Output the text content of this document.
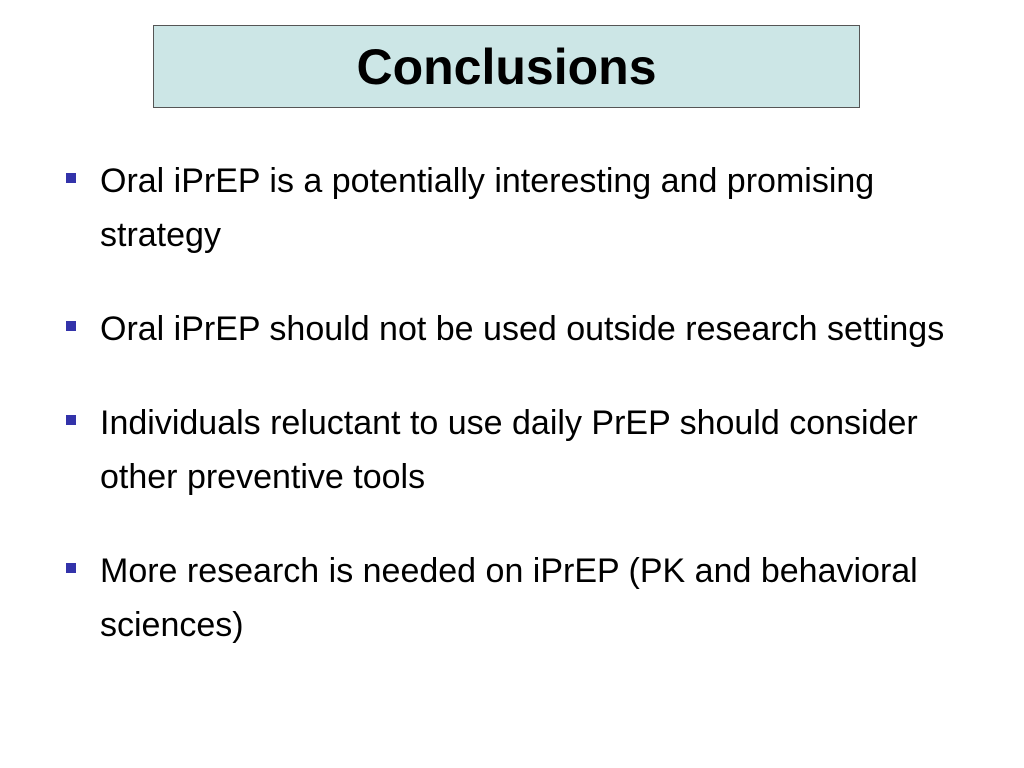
Conclusions
Oral iPrEP is a potentially interesting and promising strategy
Oral iPrEP should not be used outside research settings
Individuals reluctant to use daily PrEP should consider other preventive tools
More research is needed on iPrEP (PK and behavioral sciences)
